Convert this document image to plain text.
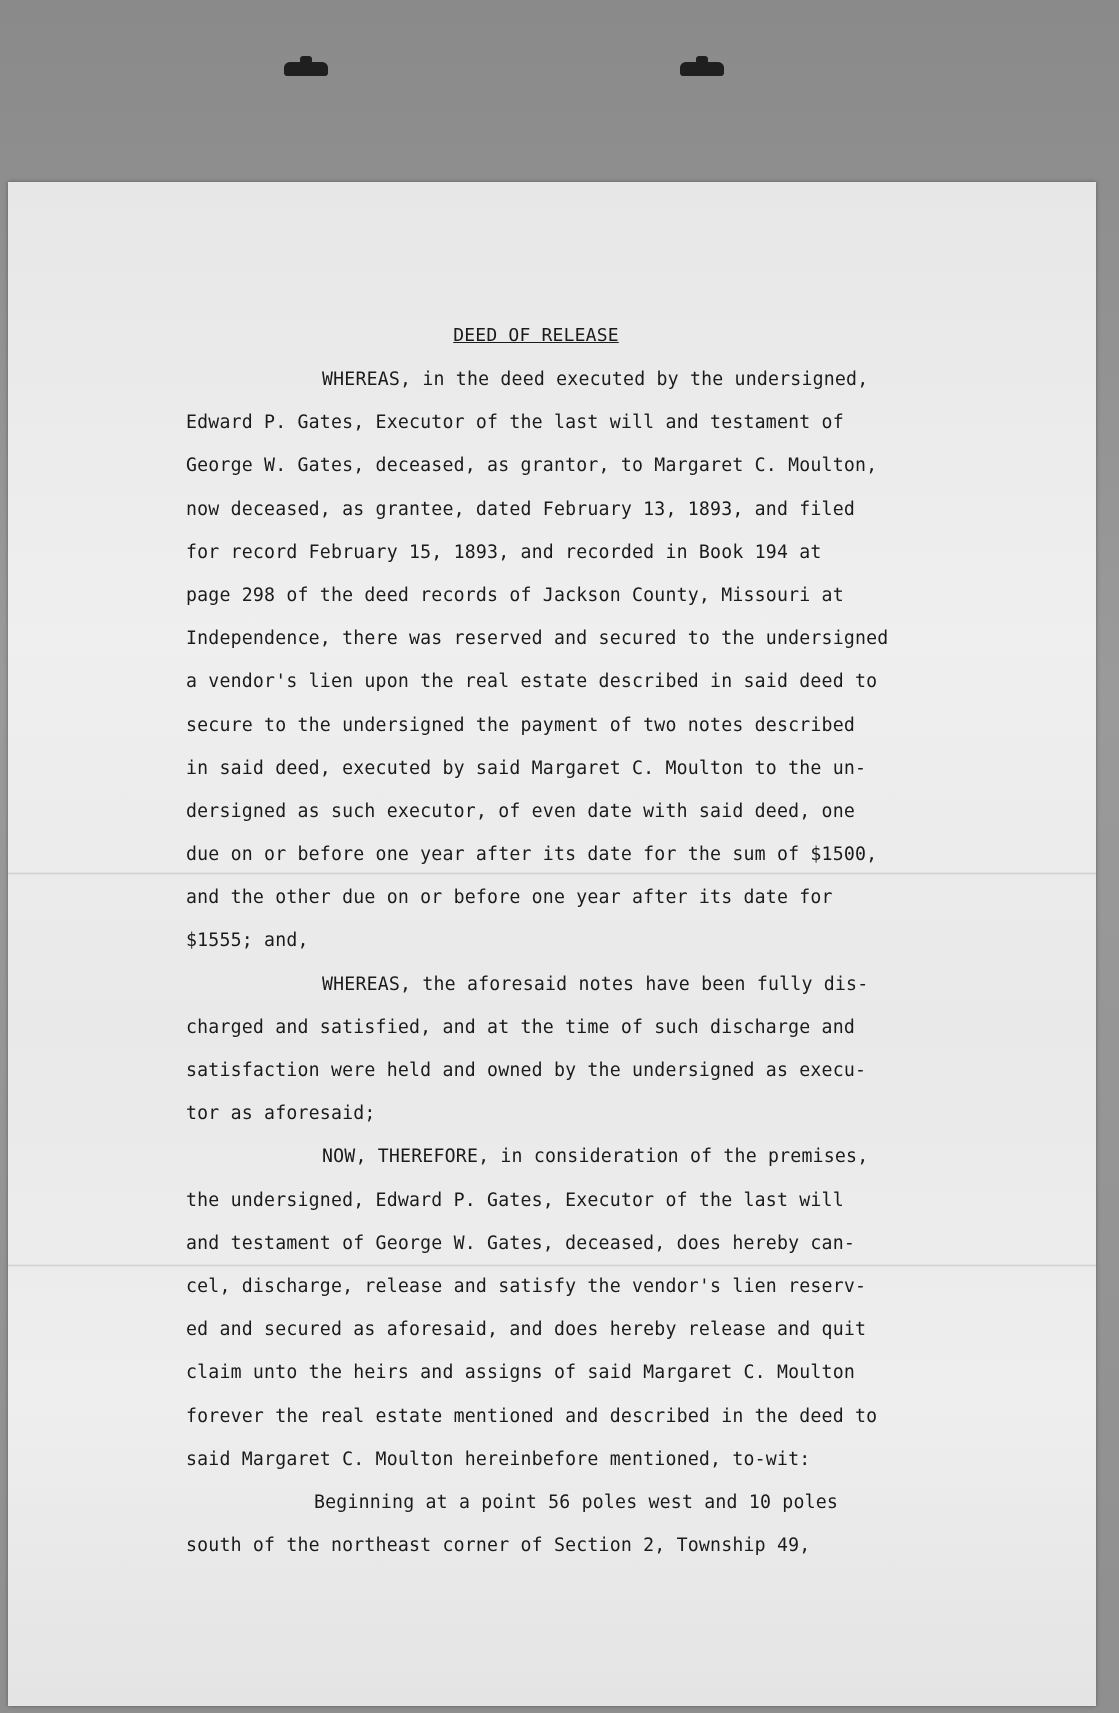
DEED OF RELEASE
WHEREAS, in the deed executed by the undersigned,
Edward P. Gates, Executor of the last will and testament of
George W. Gates, deceased, as grantor, to Margaret C. Moulton,
now deceased, as grantee, dated February 13, 1893, and filed
for record February 15, 1893, and recorded in Book 194 at
page 298 of the deed records of Jackson County, Missouri at
Independence, there was reserved and secured to the undersigned
a vendor's lien upon the real estate described in said deed to
secure to the undersigned the payment of two notes described
in said deed, executed by said Margaret C. Moulton to the un-
dersigned as such executor, of even date with said deed, one
due on or before one year after its date for the sum of $1500,
and the other due on or before one year after its date for
$1555; and,
WHEREAS, the aforesaid notes have been fully dis-
charged and satisfied, and at the time of such discharge and
satisfaction were held and owned by the undersigned as execu-
tor as aforesaid;
NOW, THEREFORE, in consideration of the premises,
the undersigned, Edward P. Gates, Executor of the last will
and testament of George W. Gates, deceased, does hereby can-
cel, discharge, release and satisfy the vendor's lien reserv-
ed and secured as aforesaid, and does hereby release and quit
claim unto the heirs and assigns of said Margaret C. Moulton
forever the real estate mentioned and described in the deed to
said Margaret C. Moulton hereinbefore mentioned, to-wit:
Beginning at a point 56 poles west and 10 poles
south of the northeast corner of Section 2, Township 49,
